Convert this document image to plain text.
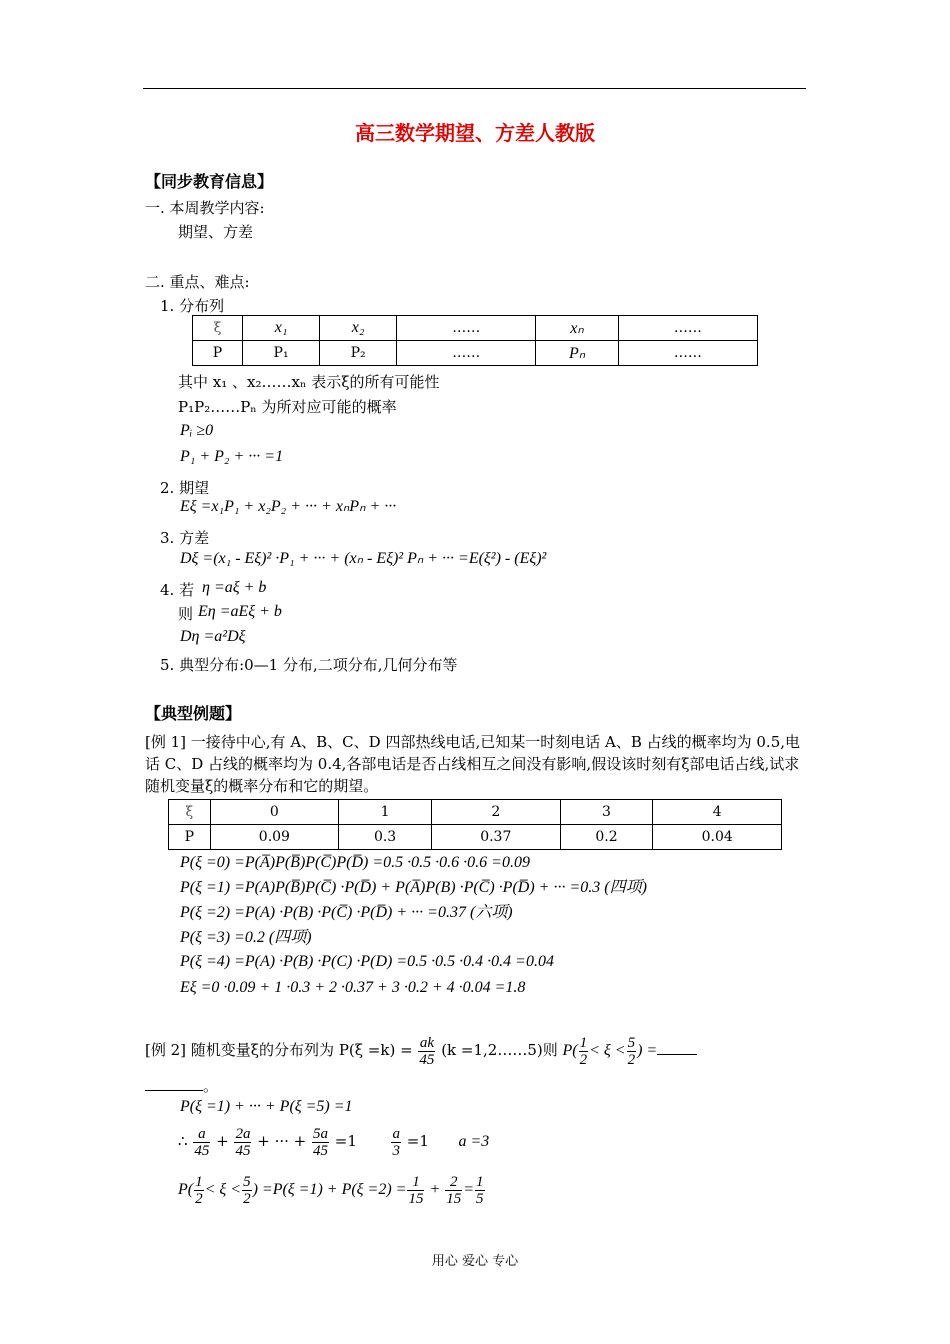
高三数学期望、方差人教版
【同步教育信息】
一. 本周教学内容:
期望、方差
二. 重点、难点:
1. 分布列
ξ	x₁	x₂	……	xₙ	……
P	P₁	P₂	……	Pₙ	……
其中 x₁ 、x₂……xₙ 表示ξ的所有可能性
P₁P₂……Pₙ 为所对应可能的概率
Pᵢ ≥0
P₁ + P₂ + ··· =1
2. 期望
Eξ =x₁P₁ + x₂P₂ + ··· + xₙPₙ + ···
3. 方差
Dξ =(x₁ - Eξ)² ·P₁ + ··· + (xₙ - Eξ)² Pₙ + ··· =E(ξ²) - (Eξ)²
4. 若 η =aξ + b
则 Eη =aEξ + b
Dη =a²Dξ
5. 典型分布:0—1 分布,二项分布,几何分布等
【典型例题】
[例 1] 一接待中心,有 A、B、C、D 四部热线电话,已知某一时刻电话 A、B 占线的概率均为 0.5,电话 C、D 占线的概率均为 0.4,各部电话是否占线相互之间没有影响,假设该时刻有ξ部电话占线,试求随机变量ξ的概率分布和它的期望。
ξ	0	1	2	3	4
P	0.09	0.3	0.37	0.2	0.04
P(ξ =0) =P(A̅)P(B̅)P(C̅)P(D̅) =0.5 ·0.5 ·0.6 ·0.6 =0.09
P(ξ =1) =P(A)P(B̅)P(C̅) ·P(D̅) + P(A̅)P(B) ·P(C̅) ·P(D̅) + ··· =0.3 (四项)
P(ξ =2) =P(A) ·P(B) ·P(C̅) ·P(D̅) + ··· =0.37 (六项)
P(ξ =3) =0.2 (四项)
P(ξ =4) =P(A) ·P(B) ·P(C) ·P(D) =0.5 ·0.5 ·0.4 ·0.4 =0.04
Eξ =0 ·0.09 + 1 ·0.3 + 2 ·0.37 + 3 ·0.2 + 4 ·0.04 =1.8
[例 2] 随机变量ξ的分布列为 $P(\xi =k) = \frac{ak}{45} (k$ =1,2……5)则 $P( \frac{1}{2} < \xi < \frac{5}{2}$ ) =
。
P(ξ =1) + ··· + P(ξ =5) =1
∴ $\frac{a}{45} + \frac{2a}{45}$ + ··· + $\frac{5a}{45} =1 \frac{a}{3} =1$ a =3
$P( \frac{1}{2} < \xi < \frac{5}{2}$ ) $=P(\xi =1) + P(\xi =2) = \frac{1}{15} + \frac{2}{15} = \frac{1}{5}$
用心 爱心 专心
